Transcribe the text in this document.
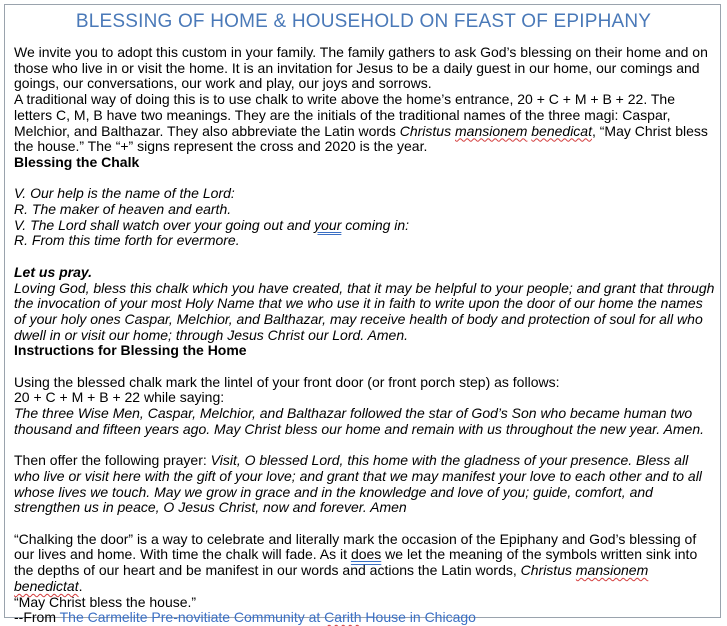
BLESSING OF HOME & HOUSEHOLD ON FEAST OF EPIPHANY

We invite you to adopt this custom in your family. The family gathers to ask God’s blessing on their home and on those who live in or visit the home. It is an invitation for Jesus to be a daily guest in our home, our comings and goings, our conversations, our work and play, our joys and sorrows.

A traditional way of doing this is to use chalk to write above the home’s entrance, 20 + C + M + B + 22. The letters C, M, B have two meanings. They are the initials of the traditional names of the three magi: Caspar, Melchior, and Balthazar. They also abbreviate the Latin words Christus mansionem benedicat, “May Christ bless the house.” The “+” signs represent the cross and 2020 is the year.

Blessing the Chalk

V. Our help is the name of the Lord:

R. The maker of heaven and earth.

V. The Lord shall watch over your going out and your coming in:

R. From this time forth for evermore.

Let us pray.

Loving God, bless this chalk which you have created, that it may be helpful to your people; and grant that through the invocation of your most Holy Name that we who use it in faith to write upon the door of our home the names of your holy ones Caspar, Melchior, and Balthazar, may receive health of body and protection of soul for all who dwell in or visit our home; through Jesus Christ our Lord. Amen.

Instructions for Blessing the Home

Using the blessed chalk mark the lintel of your front door (or front porch step) as follows:

20 + C + M + B + 22 while saying:

The three Wise Men, Caspar, Melchior, and Balthazar followed the star of God’s Son who became human two thousand and fifteen years ago. May Christ bless our home and remain with us throughout the new year. Amen.

Then offer the following prayer: Visit, O blessed Lord, this home with the gladness of your presence. Bless all who live or visit here with the gift of your love; and grant that we may manifest your love to each other and to all whose lives we touch. May we grow in grace and in the knowledge and love of you; guide, comfort, and strengthen us in peace, O Jesus Christ, now and forever. Amen

“Chalking the door” is a way to celebrate and literally mark the occasion of the Epiphany and God’s blessing of our lives and home. With time the chalk will fade. As it does we let the meaning of the symbols written sink into the depths of our heart and be manifest in our words and actions the Latin words, Christus mansionem benedictat.
“May Christ bless the house.”

--From The Carmelite Pre-novitiate Community at Carith House in Chicago
